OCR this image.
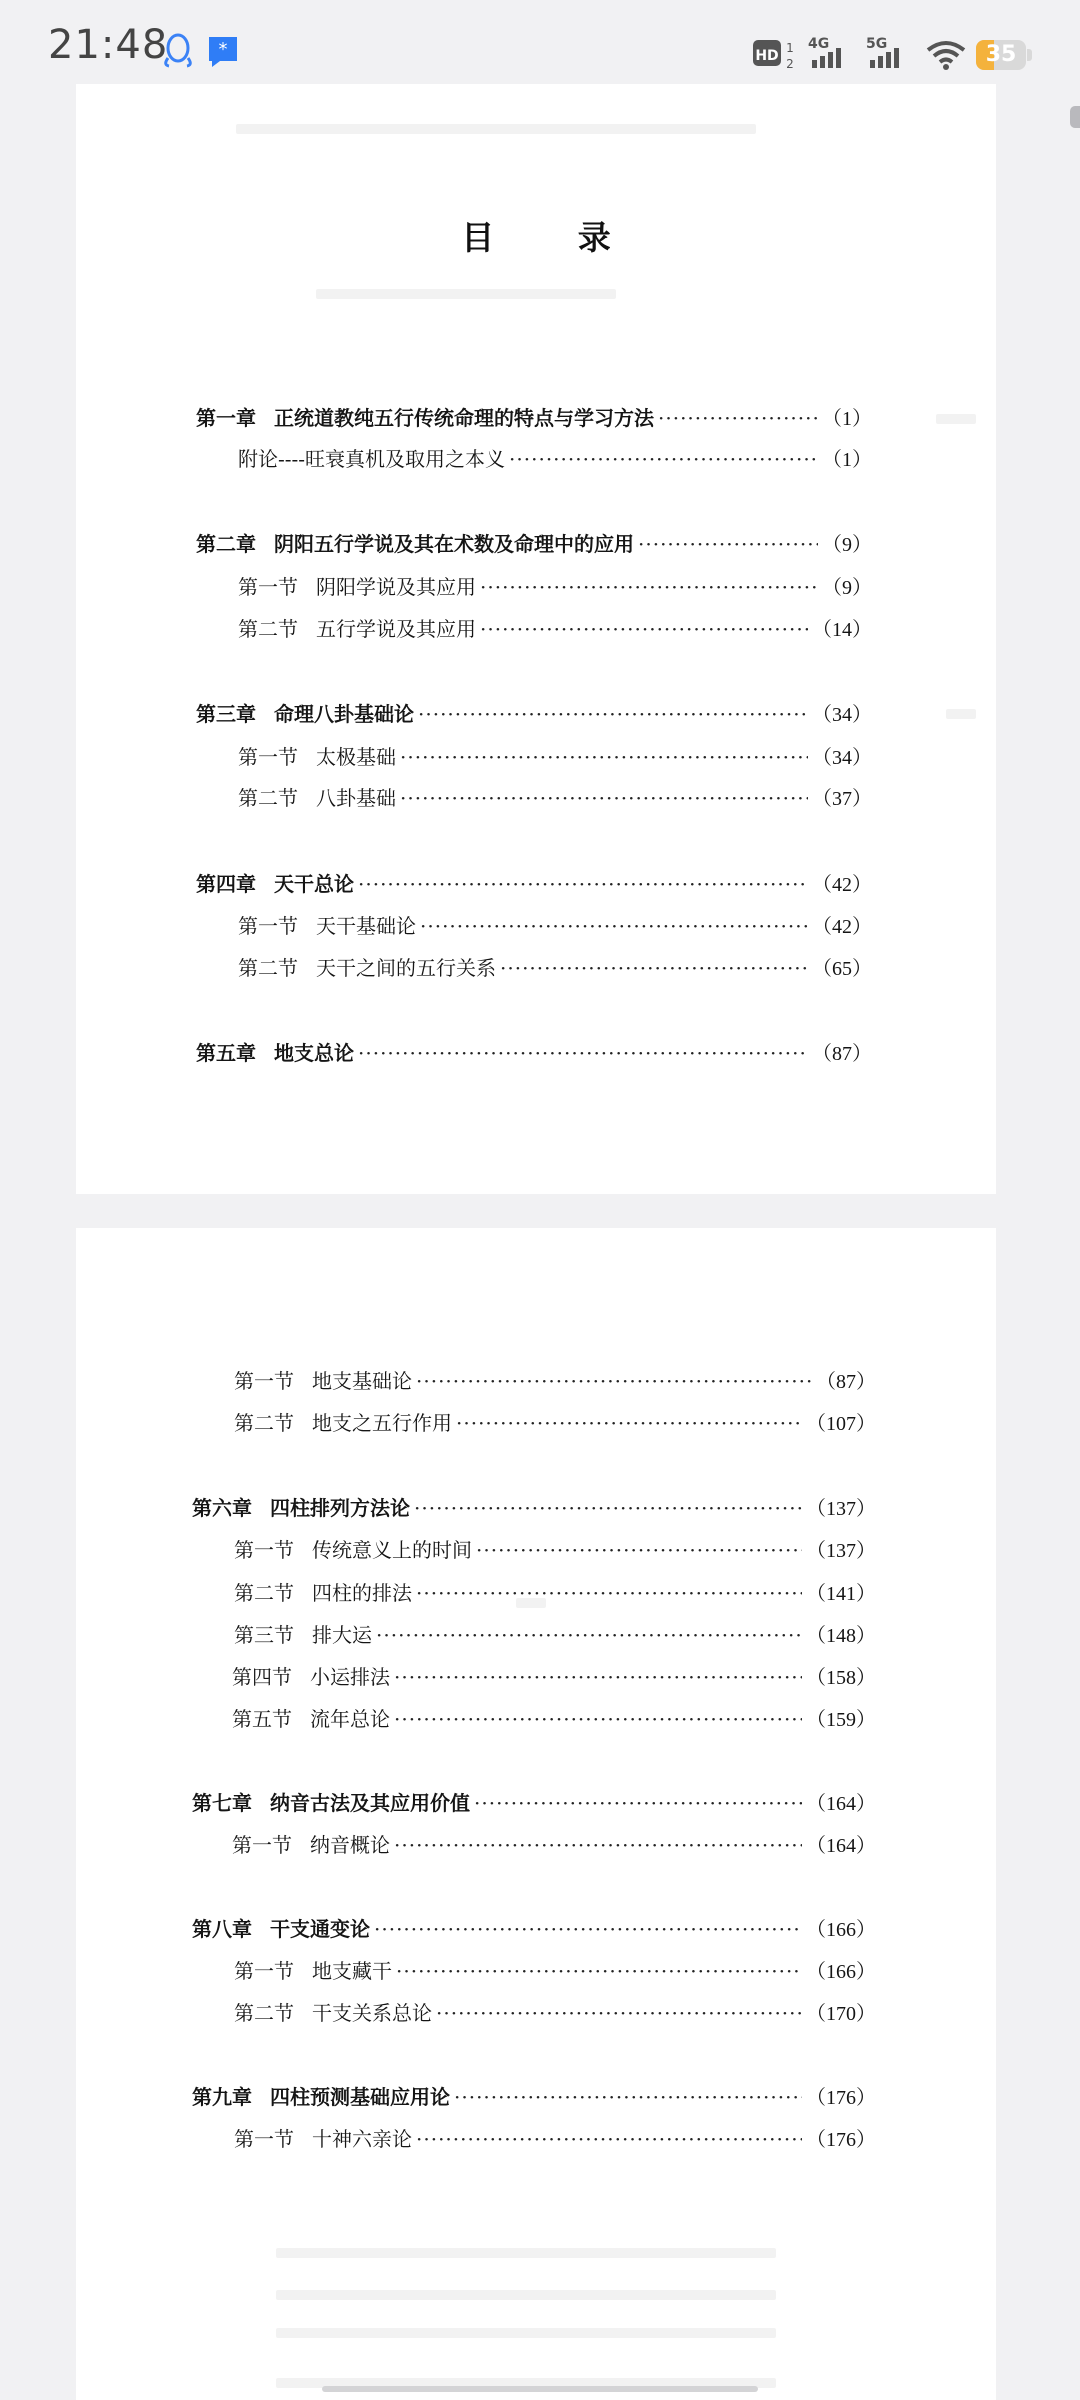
21:48	*	HD 1
2
4G	5G	35
目 录
第一章 正统道教纯五行传统命理的特点与学习方法 ·····	（1）
附论----旺衰真机及取用之本义 ·····	（1）
第二章 阴阳五行学说及其在术数及命理中的应用 ·····	（9）
第一节 阴阳学说及其应用 ·····	（9）
第二节 五行学说及其应用 ·····	（14）
第三章 命理八卦基础论 ·····	（34）
第一节 太极基础 ·····	（34）
第二节 八卦基础 ·····	（37）
第四章 天干总论 ·····	（42）
第一节 天干基础论 ·····	（42）
第二节 天干之间的五行关系 ·····	（65）
第五章 地支总论 ·····	（87）
第一节 地支基础论 ·····	（87）
第二节 地支之五行作用 ·····	（107）
第六章 四柱排列方法论 ·····	（137）
第一节 传统意义上的时间 ·····	（137）
第二节 四柱的排法 ·····	（141）
第三节 排大运 ·····	（148）
第四节 小运排法 ·····	（158）
第五节 流年总论 ·····	（159）
第七章 纳音古法及其应用价值 ·····	（164）
第一节 纳音概论 ·····	（164）
第八章 干支通变论 ·····	（166）
第一节 地支藏干 ·····	（166）
第二节 干支关系总论 ·····	（170）
第九章 四柱预测基础应用论 ·····	（176）
第一节 十神六亲论 ·····	（176）
